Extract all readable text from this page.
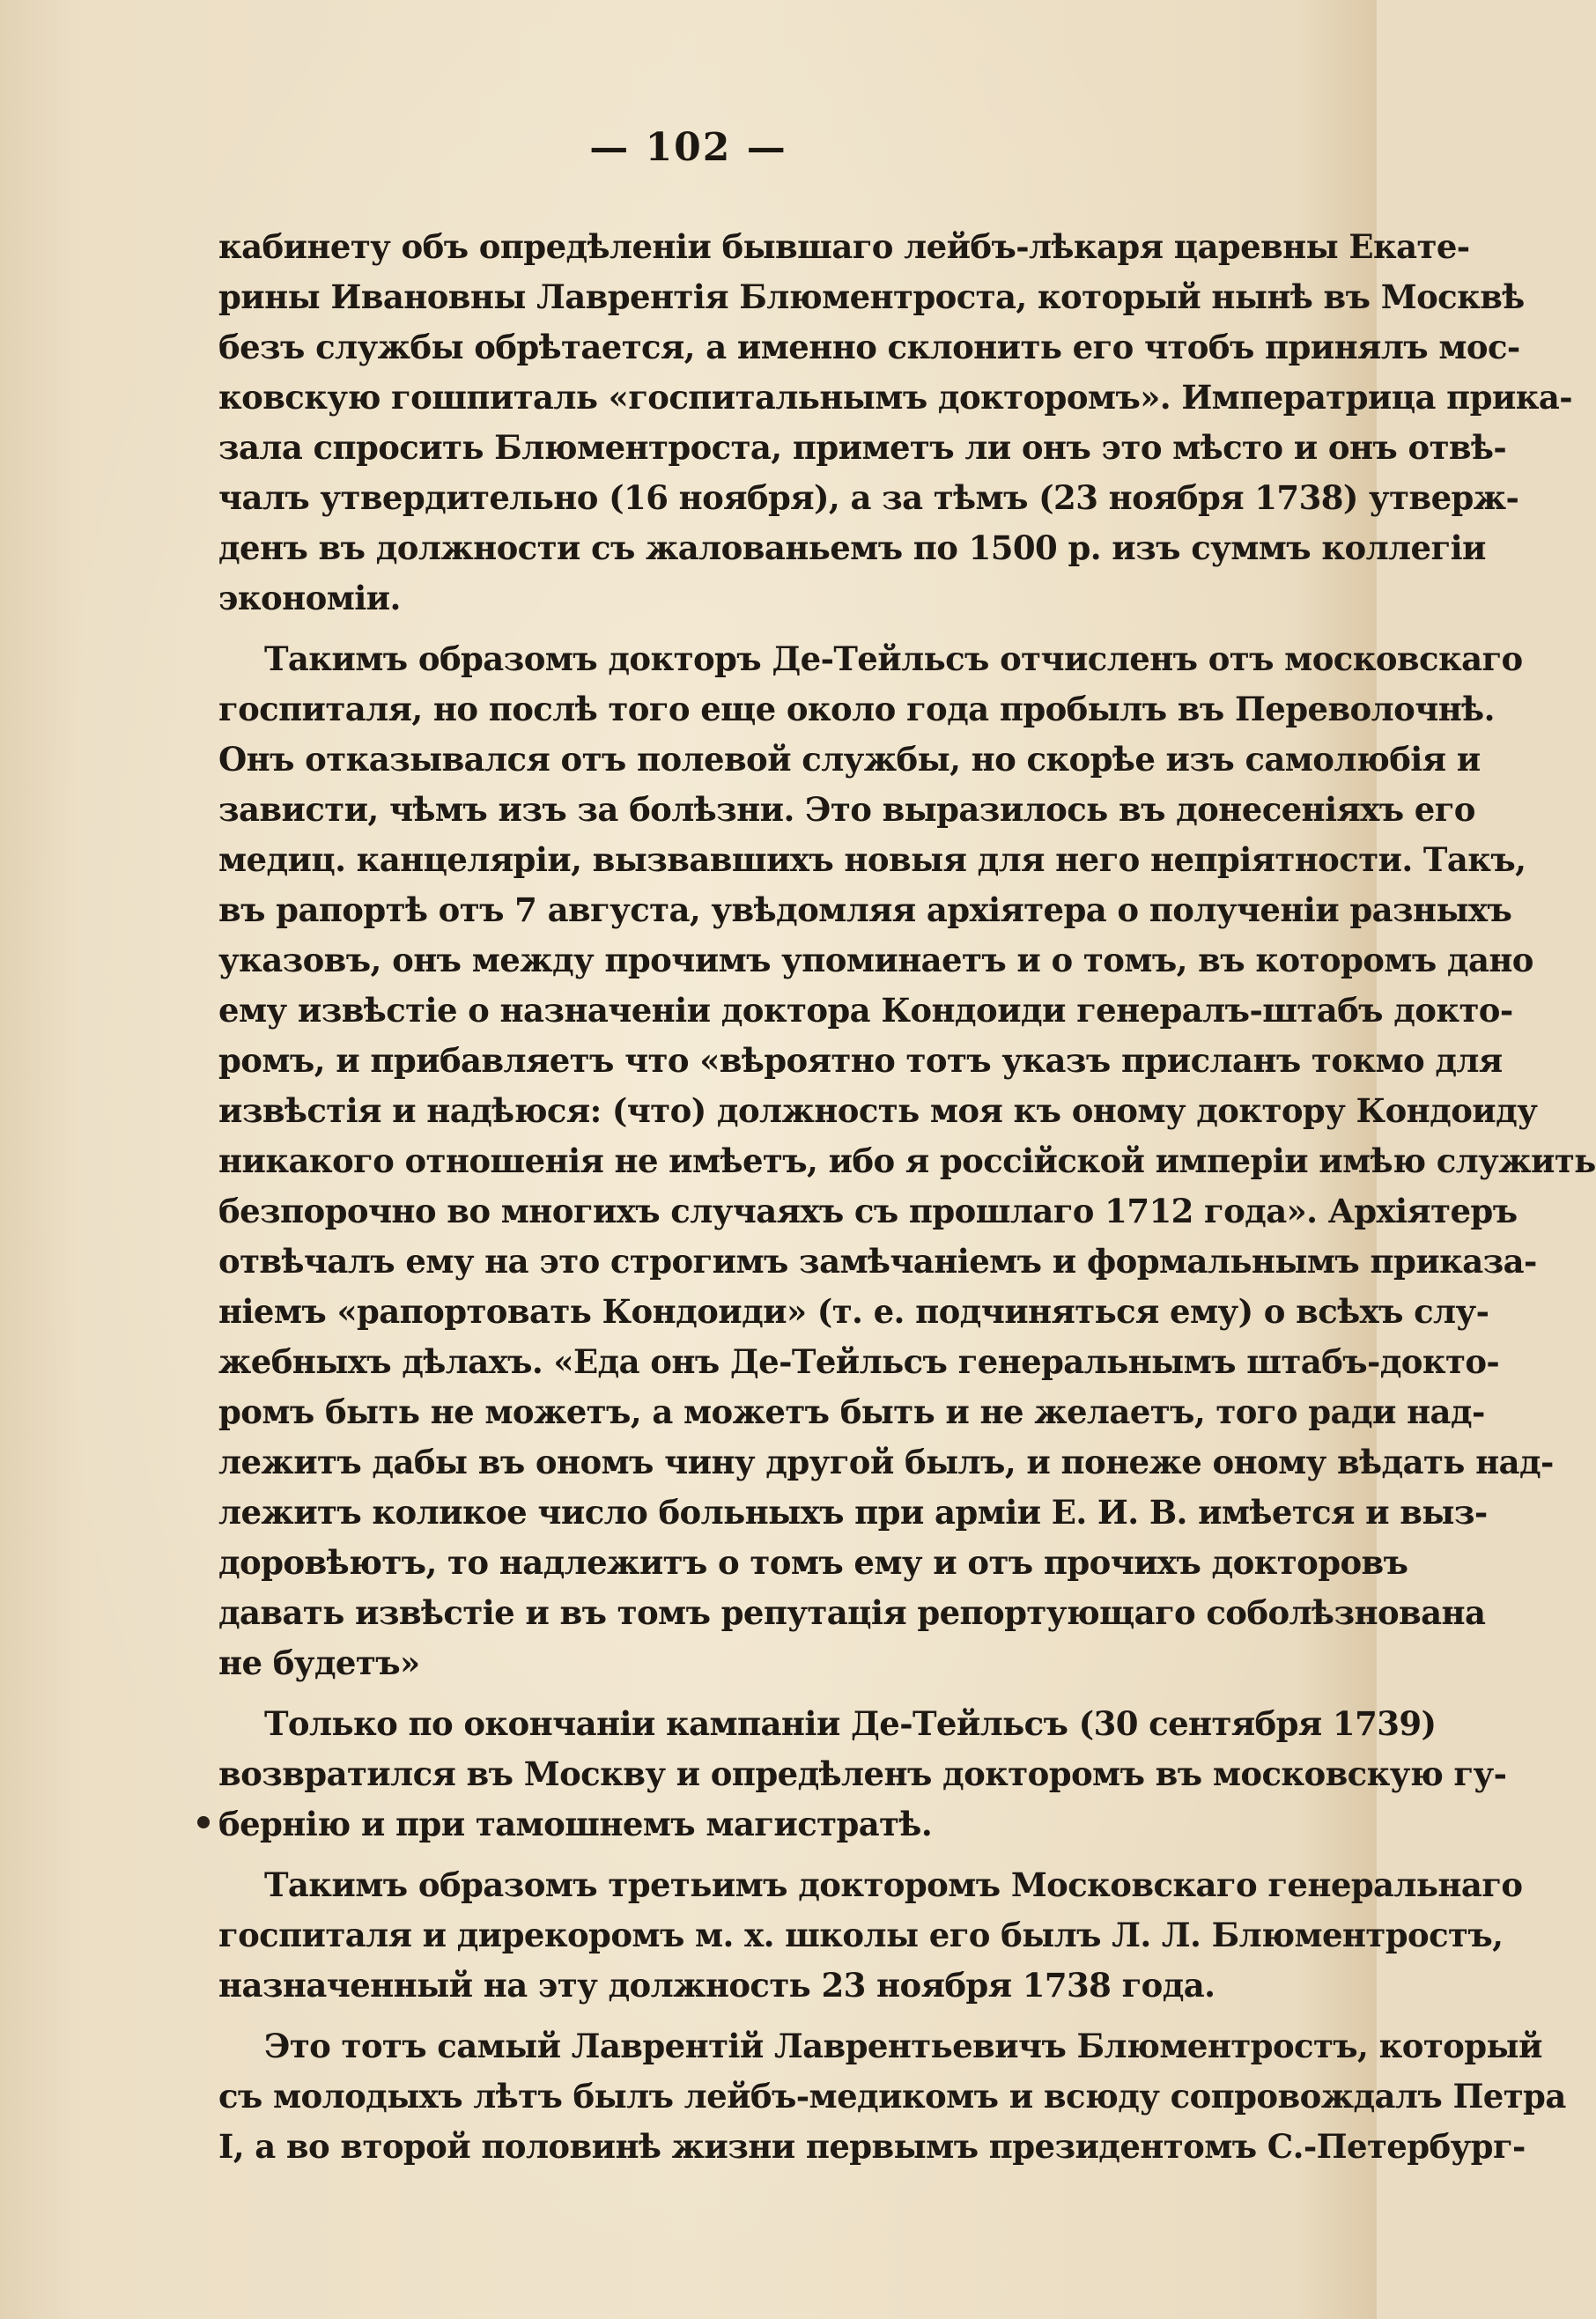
— 102 —
кабинету объ опредѣленiи бывшаго лейбъ-лѣкаря царевны Екате-
рины Ивановны Лаврентiя Блюментроста, который нынѣ въ Москвѣ
безъ службы обрѣтается, а именно склонить его чтобъ принялъ мос-
ковскую гошпиталь «госпитальнымъ докторомъ». Императрица прика-
зала спросить Блюментроста, приметъ ли онъ это мѣсто и онъ отвѣ-
чалъ утвердительно (16 ноября), а за тѣмъ (23 ноября 1738) утверж-
денъ въ должности съ жалованьемъ по 1500 р. изъ суммъ коллегiи
экономiи.
Такимъ образомъ докторъ Де-Тейльсъ отчисленъ отъ московскаго
госпиталя, но послѣ того еще около года пробылъ въ Переволочнѣ.
Онъ отказывался отъ полевой службы, но скорѣе изъ самолюбiя и
зависти, чѣмъ изъ за болѣзни. Это выразилось въ донесенiяхъ его
медиц. канцелярiи, вызвавшихъ новыя для него непрiятности. Такъ,
въ рапортѣ отъ 7 августа, увѣдомляя архiятера о полученiи разныхъ
указовъ, онъ между прочимъ упоминаетъ и о томъ, въ которомъ дано
ему извѣстiе о назначенiи доктора Кондоиди генералъ-штабъ докто-
ромъ, и прибавляетъ что «вѣроятно тотъ указъ присланъ токмо для
извѣстiя и надѣюся: (что) должность моя къ оному доктору Кондоиду
никакого отношенiя не имѣетъ, ибо я россiйской имперiи имѣю служить
безпорочно во многихъ случаяхъ съ прошлаго 1712 года». Архiятеръ
отвѣчалъ ему на это строгимъ замѣчанiемъ и формальнымъ приказа-
нiемъ «рапортовать Кондоиди» (т. е. подчиняться ему) о всѣхъ слу-
жебныхъ дѣлахъ. «Еда онъ Де-Тейльсъ генеральнымъ штабъ-докто-
ромъ быть не можетъ, а можетъ быть и не желаетъ, того ради над-
лежитъ дабы въ ономъ чину другой былъ, и понеже оному вѣдать над-
лежитъ коликое число больныхъ при армiи Е. И. В. имѣется и выз-
доровѣютъ, то надлежитъ о томъ ему и отъ прочихъ докторовъ
давать извѣстiе и въ томъ репутацiя репортующаго соболѣзнована
не будетъ»
Только по окончанiи кампанiи Де-Тейльсъ (30 сентября 1739)
возвратился въ Москву и опредѣленъ докторомъ въ московскую гу-
бернiю и при тамошнемъ магистратѣ.
Такимъ образомъ третьимъ докторомъ Московскаго генеральнаго
госпиталя и дирекоромъ м. х. школы его былъ Л. Л. Блюментростъ,
назначенный на эту должность 23 ноября 1738 года.
Это тотъ самый Лаврентiй Лаврентьевичъ Блюментростъ, который
съ молодыхъ лѣтъ былъ лейбъ-медикомъ и всюду сопровождалъ Петра
I, а во второй половинѣ жизни первымъ президентомъ С.-Петербург-
